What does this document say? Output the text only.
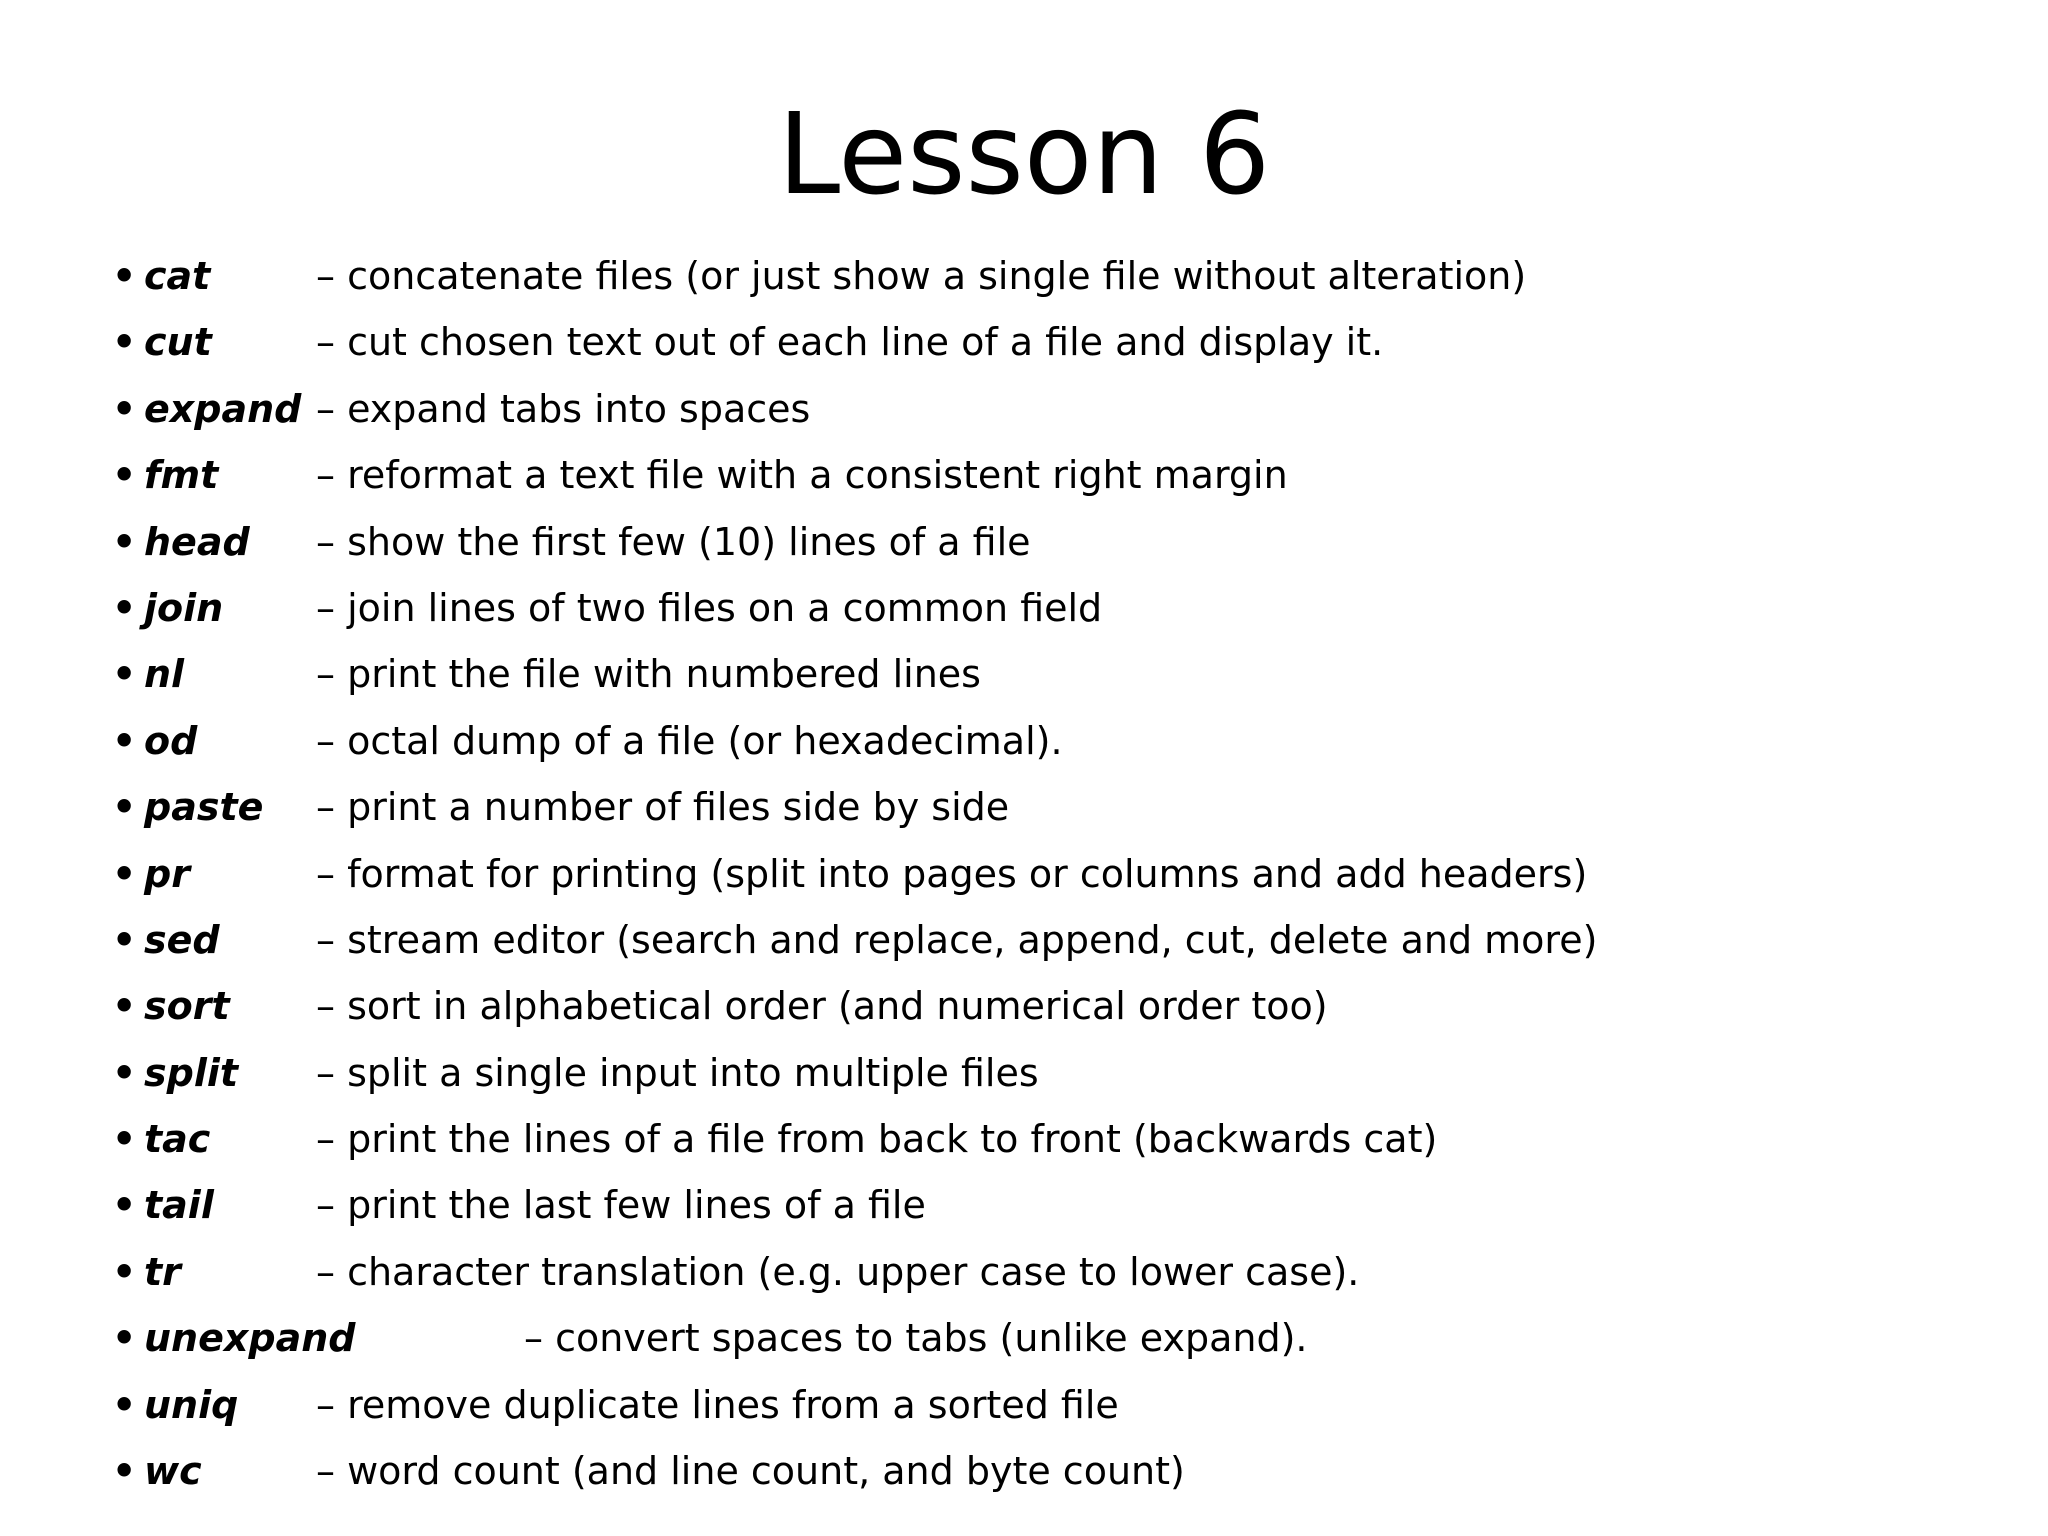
Lesson 6
• cat	– concatenate files (or just show a single file without alteration)
• cut	– cut chosen text out of each line of a file and display it.
• expand – expand tabs into spaces
• fmt	– reformat a text file with a consistent right margin
• head – show the first few (10) lines of a file
• join – join lines of two files on a common field
• nl	– print the file with numbered lines
• od	– octal dump of a file (or hexadecimal).
• paste – print a number of files side by side
• pr	– format for printing (split into pages or columns and add headers)
• sed	– stream editor (search and replace, append, cut, delete and more)
• sort – sort in alphabetical order (and numerical order too)
• split – split a single input into multiple files
• tac	– print the lines of a file from back to front (backwards cat)
• tail	– print the last few lines of a file
• tr	– character translation (e.g. upper case to lower case).
• unexpand	– convert spaces to tabs (unlike expand).
• uniq – remove duplicate lines from a sorted file
• wc	– word count (and line count, and byte count)
